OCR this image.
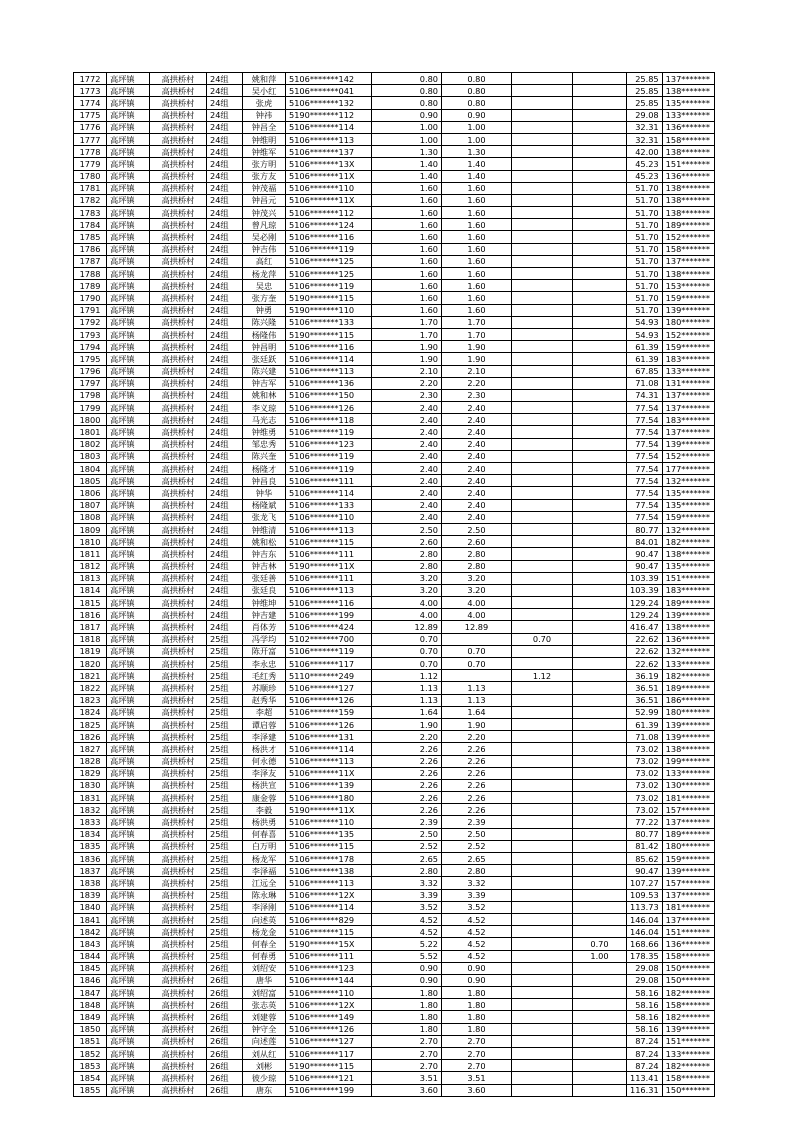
1772	高坪镇	高拱桥村	24组	姚和萍	5106*******142	0.80	0.80			25.85	137*******
1773	高坪镇	高拱桥村	24组	吴小红	5106*******041	0.80	0.80			25.85	138*******
1774	高坪镇	高拱桥村	24组	张虎	5106*******132	0.80	0.80			25.85	135*******
1775	高坪镇	高拱桥村	24组	钟祎	5190*******112	0.90	0.90			29.08	133*******
1776	高坪镇	高拱桥村	24组	钟昌全	5106*******114	1.00	1.00			32.31	136*******
1777	高坪镇	高拱桥村	24组	钟维明	5106*******113	1.00	1.00			32.31	158*******
1778	高坪镇	高拱桥村	24组	钟维军	5106*******137	1.30	1.30			42.00	138*******
1779	高坪镇	高拱桥村	24组	张方明	5106*******13X	1.40	1.40			45.23	151*******
1780	高坪镇	高拱桥村	24组	张方友	5106*******11X	1.40	1.40			45.23	136*******
1781	高坪镇	高拱桥村	24组	钟茂福	5106*******110	1.60	1.60			51.70	138*******
1782	高坪镇	高拱桥村	24组	钟昌元	5106*******11X	1.60	1.60			51.70	138*******
1783	高坪镇	高拱桥村	24组	钟茂兴	5106*******112	1.60	1.60			51.70	138*******
1784	高坪镇	高拱桥村	24组	曾凡琼	5106*******124	1.60	1.60			51.70	189*******
1785	高坪镇	高拱桥村	24组	吴必刚	5106*******116	1.60	1.60			51.70	152*******
1786	高坪镇	高拱桥村	24组	钟吉伟	5106*******119	1.60	1.60			51.70	158*******
1787	高坪镇	高拱桥村	24组	高红	5106*******125	1.60	1.60			51.70	137*******
1788	高坪镇	高拱桥村	24组	杨龙萍	5106*******125	1.60	1.60			51.70	138*******
1789	高坪镇	高拱桥村	24组	吴忠	5106*******119	1.60	1.60			51.70	153*******
1790	高坪镇	高拱桥村	24组	张方奎	5190*******115	1.60	1.60			51.70	159*******
1791	高坪镇	高拱桥村	24组	钟勇	5190*******110	1.60	1.60			51.70	139*******
1792	高坪镇	高拱桥村	24组	陈兴隆	5106*******133	1.70	1.70			54.93	180*******
1793	高坪镇	高拱桥村	24组	杨隆伟	5190*******115	1.70	1.70			54.93	152*******
1794	高坪镇	高拱桥村	24组	钟昌明	5106*******116	1.90	1.90			61.39	159*******
1795	高坪镇	高拱桥村	24组	张廷跃	5106*******114	1.90	1.90			61.39	183*******
1796	高坪镇	高拱桥村	24组	陈兴建	5106*******113	2.10	2.10			67.85	133*******
1797	高坪镇	高拱桥村	24组	钟吉军	5106*******136	2.20	2.20			71.08	131*******
1798	高坪镇	高拱桥村	24组	姚和林	5106*******150	2.30	2.30			74.31	137*******
1799	高坪镇	高拱桥村	24组	李义琼	5106*******126	2.40	2.40			77.54	137*******
1800	高坪镇	高拱桥村	24组	马光志	5106*******118	2.40	2.40			77.54	183*******
1801	高坪镇	高拱桥村	24组	钟维勇	5106*******119	2.40	2.40			77.54	137*******
1802	高坪镇	高拱桥村	24组	邹忠秀	5106*******123	2.40	2.40			77.54	139*******
1803	高坪镇	高拱桥村	24组	陈兴奎	5106*******119	2.40	2.40			77.54	152*******
1804	高坪镇	高拱桥村	24组	杨隆才	5106*******119	2.40	2.40			77.54	177*******
1805	高坪镇	高拱桥村	24组	钟昌良	5106*******111	2.40	2.40			77.54	132*******
1806	高坪镇	高拱桥村	24组	钟华	5106*******114	2.40	2.40			77.54	135*******
1807	高坪镇	高拱桥村	24组	杨隆斌	5106*******133	2.40	2.40			77.54	135*******
1808	高坪镇	高拱桥村	24组	张龙飞	5106*******110	2.40	2.40			77.54	159*******
1809	高坪镇	高拱桥村	24组	钟维清	5106*******113	2.50	2.50			80.77	132*******
1810	高坪镇	高拱桥村	24组	姚和松	5106*******115	2.60	2.60			84.01	182*******
1811	高坪镇	高拱桥村	24组	钟吉东	5106*******111	2.80	2.80			90.47	138*******
1812	高坪镇	高拱桥村	24组	钟吉林	5190*******11X	2.80	2.80			90.47	135*******
1813	高坪镇	高拱桥村	24组	张廷善	5106*******111	3.20	3.20			103.39	151*******
1814	高坪镇	高拱桥村	24组	张廷良	5106*******113	3.20	3.20			103.39	183*******
1815	高坪镇	高拱桥村	24组	钟维坤	5106*******116	4.00	4.00			129.24	189*******
1816	高坪镇	高拱桥村	24组	钟吉建	5106*******199	4.00	4.00			129.24	139*******
1817	高坪镇	高拱桥村	24组	肖体芳	5106*******424	12.89	12.89			416.47	138*******
1818	高坪镇	高拱桥村	25组	冯学均	5102*******700	0.70		0.70		22.62	136*******
1819	高坪镇	高拱桥村	25组	陈开富	5106*******119	0.70	0.70			22.62	132*******
1820	高坪镇	高拱桥村	25组	李永忠	5106*******117	0.70	0.70			22.62	133*******
1821	高坪镇	高拱桥村	25组	毛红秀	5110*******249	1.12		1.12		36.19	182*******
1822	高坪镇	高拱桥村	25组	苏顺珍	5106*******127	1.13	1.13			36.51	189*******
1823	高坪镇	高拱桥村	25组	赵秀华	5106*******126	1.13	1.13			36.51	186*******
1824	高坪镇	高拱桥村	25组	李超	5106*******159	1.64	1.64			52.99	180*******
1825	高坪镇	高拱桥村	25组	谭启蓉	5106*******126	1.90	1.90			61.39	139*******
1826	高坪镇	高拱桥村	25组	李泽建	5106*******131	2.20	2.20			71.08	139*******
1827	高坪镇	高拱桥村	25组	杨洪才	5106*******114	2.26	2.26			73.02	138*******
1828	高坪镇	高拱桥村	25组	何永德	5106*******113	2.26	2.26			73.02	199*******
1829	高坪镇	高拱桥村	25组	李泽友	5106*******11X	2.26	2.26			73.02	133*******
1830	高坪镇	高拱桥村	25组	杨洪宣	5106*******139	2.26	2.26			73.02	130*******
1831	高坪镇	高拱桥村	25组	康金蓉	5106*******180	2.26	2.26			73.02	181*******
1832	高坪镇	高拱桥村	25组	李毅	5190*******11X	2.26	2.26			73.02	157*******
1833	高坪镇	高拱桥村	25组	杨洪勇	5106*******110	2.39	2.39			77.22	137*******
1834	高坪镇	高拱桥村	25组	何春喜	5106*******135	2.50	2.50			80.77	189*******
1835	高坪镇	高拱桥村	25组	白万明	5106*******115	2.52	2.52			81.42	180*******
1836	高坪镇	高拱桥村	25组	杨龙军	5106*******178	2.65	2.65			85.62	159*******
1837	高坪镇	高拱桥村	25组	李泽福	5106*******138	2.80	2.80			90.47	139*******
1838	高坪镇	高拱桥村	25组	江远全	5106*******113	3.32	3.32			107.27	157*******
1839	高坪镇	高拱桥村	25组	陈永琳	5106*******12X	3.39	3.39			109.53	137*******
1840	高坪镇	高拱桥村	25组	李泽刚	5106*******114	3.52	3.52			113.73	181*******
1841	高坪镇	高拱桥村	25组	向述英	5106*******829	4.52	4.52			146.04	137*******
1842	高坪镇	高拱桥村	25组	杨龙金	5106*******115	4.52	4.52			146.04	151*******
1843	高坪镇	高拱桥村	25组	何春全	5190*******15X	5.22	4.52		0.70	168.66	136*******
1844	高坪镇	高拱桥村	25组	何春勇	5106*******111	5.52	4.52		1.00	178.35	158*******
1845	高坪镇	高拱桥村	26组	刘绍安	5106*******123	0.90	0.90			29.08	150*******
1846	高坪镇	高拱桥村	26组	唐华	5106*******144	0.90	0.90			29.08	150*******
1847	高坪镇	高拱桥村	26组	刘绍富	5106*******110	1.80	1.80			58.16	182*******
1848	高坪镇	高拱桥村	26组	张志英	5106*******12X	1.80	1.80			58.16	158*******
1849	高坪镇	高拱桥村	26组	刘建蓉	5106*******149	1.80	1.80			58.16	182*******
1850	高坪镇	高拱桥村	26组	钟守全	5106*******126	1.80	1.80			58.16	139*******
1851	高坪镇	高拱桥村	26组	向述莲	5106*******127	2.70	2.70			87.24	151*******
1852	高坪镇	高拱桥村	26组	刘从红	5106*******117	2.70	2.70			87.24	133*******
1853	高坪镇	高拱桥村	26组	刘彬	5190*******115	2.70	2.70			87.24	182*******
1854	高坪镇	高拱桥村	26组	彼少琼	5106*******121	3.51	3.51			113.41	158*******
1855	高坪镇	高拱桥村	26组	唐东	5106*******199	3.60	3.60			116.31	150*******
